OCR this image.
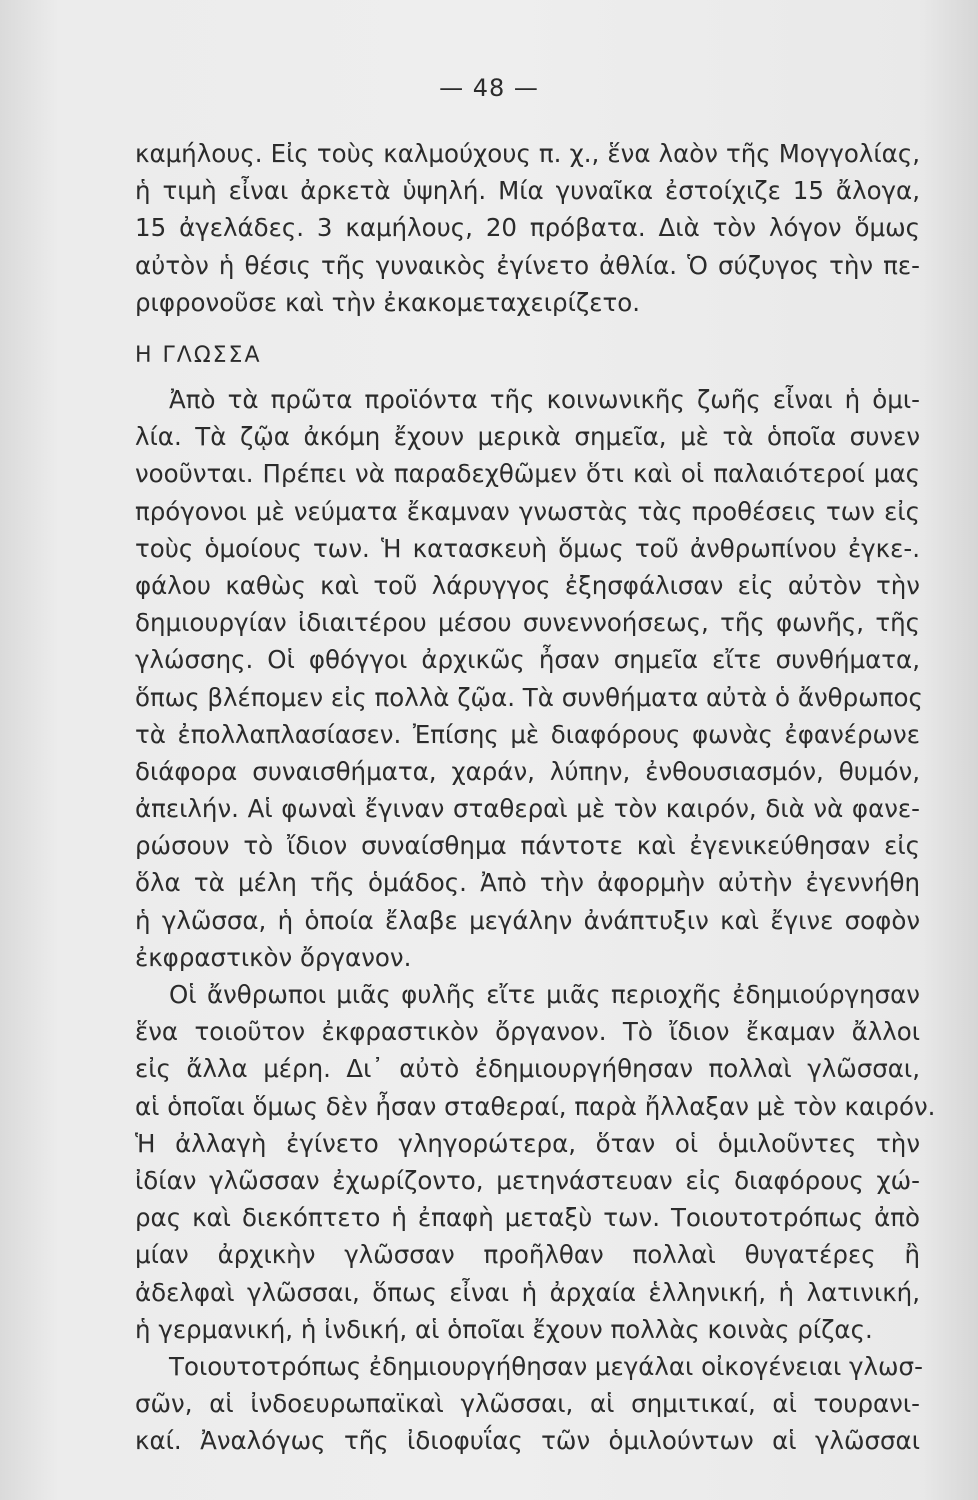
— 48 —
καμήλους. Εἰς τοὺς καλμούχους π. χ., ἕνα λαὸν τῆς Μογγολίας,
ἡ τιμὴ εἶναι ἀρκετὰ ὑψηλή. Μία γυναῖκα ἐστοίχιζε 15 ἄλογα,
15 ἀγελάδες. 3 καμήλους, 20 πρόβατα. Διὰ τὸν λόγον ὅμως
αὐτὸν ἡ θέσις τῆς γυναικὸς ἐγίνετο ἀθλία. Ὁ σύζυγος τὴν πε-
ριφρονοῦσε καὶ τὴν ἐκακομεταχειρίζετο.
Η ΓΛΩΣΣΑ
Ἀπὸ τὰ πρῶτα προϊόντα τῆς κοινωνικῆς ζωῆς εἶναι ἡ ὁμι-
λία. Τὰ ζῷα ἀκόμη ἔχουν μερικὰ σημεῖα, μὲ τὰ ὁποῖα συνεν
νοοῦνται. Πρέπει νὰ παραδεχθῶμεν ὅτι καὶ οἱ παλαιότεροί μας
πρόγονοι μὲ νεύματα ἔκαμναν γνωστὰς τὰς προθέσεις των εἰς
τοὺς ὁμοίους των. Ἡ κατασκευὴ ὅμως τοῦ ἀνθρωπίνου ἐγκε-.
φάλου καθὼς καὶ τοῦ λάρυγγος ἐξησφάλισαν εἰς αὐτὸν τὴν
δημιουργίαν ἰδιαιτέρου μέσου συνεννοήσεως, τῆς φωνῆς, τῆς
γλώσσης. Οἱ φθόγγοι ἀρχικῶς ἦσαν σημεῖα εἴτε συνθήματα,
ὅπως βλέπομεν εἰς πολλὰ ζῷα. Τὰ συνθήματα αὐτὰ ὁ ἄνθρωπος
τὰ ἐπολλαπλασίασεν. Ἐπίσης μὲ διαφόρους φωνὰς ἐφανέρωνε
διάφορα συναισθήματα, χαράν, λύπην, ἐνθουσιασμόν, θυμόν,
ἀπειλήν. Αἱ φωναὶ ἔγιναν σταθεραὶ μὲ τὸν καιρόν, διὰ νὰ φανε-
ρώσουν τὸ ἴδιον συναίσθημα πάντοτε καὶ ἐγενικεύθησαν εἰς
ὅλα τὰ μέλη τῆς ὁμάδος. Ἀπὸ τὴν ἀφορμὴν αὐτὴν ἐγεννήθη
ἡ γλῶσσα, ἡ ὁποία ἔλαβε μεγάλην ἀνάπτυξιν καὶ ἔγινε σοφὸν
ἐκφραστικὸν ὄργανον.
Οἱ ἄνθρωποι μιᾶς φυλῆς εἴτε μιᾶς περιοχῆς ἐδημιούργησαν
ἕνα τοιοῦτον ἐκφραστικὸν ὄργανον. Τὸ ἴδιον ἔκαμαν ἄλλοι
εἰς ἄλλα μέρη. Δι᾽ αὐτὸ ἐδημιουργήθησαν πολλαὶ γλῶσσαι,
αἱ ὁποῖαι ὅμως δὲν ἦσαν σταθεραί, παρὰ ἤλλαξαν μὲ τὸν καιρόν.
Ἡ ἀλλαγὴ ἐγίνετο γληγορώτερα, ὅταν οἱ ὁμιλοῦντες τὴν
ἰδίαν γλῶσσαν ἐχωρίζοντο, μετηνάστευαν εἰς διαφόρους χώ-
ρας καὶ διεκόπτετο ἡ ἐπαφὴ μεταξὺ των. Τοιουτοτρόπως ἀπὸ
μίαν ἀρχικὴν γλῶσσαν προῆλθαν πολλαὶ θυγατέρες ἢ
ἀδελφαὶ γλῶσσαι, ὅπως εἶναι ἡ ἀρχαία ἑλληνική, ἡ λατινική,
ἡ γερμανική, ἡ ἰνδική, αἱ ὁποῖαι ἔχουν πολλὰς κοινὰς ρίζας.
Τοιουτοτρόπως ἐδημιουργήθησαν μεγάλαι οἰκογένειαι γλωσ-
σῶν, αἱ ἰνδοευρωπαϊκαὶ γλῶσσαι, αἱ σημιτικαί, αἱ τουρανι-
καί. Ἀναλόγως τῆς ἰδιοφυΐας τῶν ὁμιλούντων αἱ γλῶσσαι
